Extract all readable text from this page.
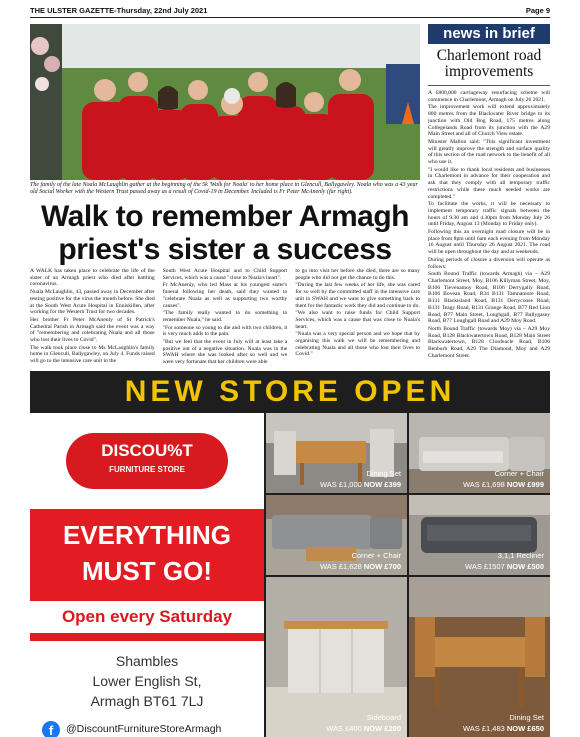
THE ULSTER GAZETTE-Thursday, 22nd July 2021	Page 9
The family of the late Noala McLaughlin gather at the beginning of the 5k 'Walk for Noala' to her home place in Glencull, Ballygawley. Noala who was a 43 year old Social Worker with the Western Trust passed away as a result of Covid-19 in December. Included is Fr Peter McAnenly (far right).
Walk to remember Armagh
priest's sister a success

A WALK has taken place to celebrate the life of the sister of an Armagh priest who died after battling coronavirus.

Nuala McLaughlin, 43, passed away in December after testing positive for the virus the month before. She died at the South West Acute Hospital in Enniskillen, after working for the Western Trust for two decades.

Her brother Fr Peter McAnenly of St Patrick's Cathedral Parish in Armagh said the event was a way of "remembering and celebrating Nuala and all those who lost their lives to Covid".

The walk took place close to Ms McLaughlin's family home in Glencull, Ballygawley, on July 4. Funds raised will go to the intensive care unit in the

South West Acute Hospital and to Child Support Services, which was a cause "close to Nuala's heart".

Fr McAnenly, who led Mass at his youngest sister's funeral following her death, said they wanted to "celebrate Nuala as well as supporting two worthy causes".

"The family really wanted to do something to remember Nuala," he said.

"For someone so young to die and with two children, it is very much adds to the pain.

"But we feel that the event in July will at least take a positive out of a negative situation. Nuala was in the SWAH where she was looked after so well and we were very fortunate that her children were able

to go into visit her before she died, there are so many people who did not get the chance to do this.

"During the last few weeks of her life, she was cared for so well by the committed staff in the intensive care unit in SWAH and we want to give something back to them for the fantastic work they did and continue to do.

"We also want to raise funds for Child Support Services, which was a cause that was close to Nuala's heart.

"Nuala was a very special person and we hope that by organising this walk we will be remembering and celebrating Nuala and all those who lost their lives to Covid."

news in brief
Charlemont road improvements

A £800,000 carriageway resurfacing scheme will commence in Charlemont, Armagh on July 26 2021.

The improvement work will extend approximately 800 metres from the Blackwater River bridge to its junction with Old Bog Road, 175 metres along Collegelands Road from its junction with the A29 Main Street and all of Church View estate.

Minister Mallon said: "This significant investment will greatly improve the strength and surface quality of this section of the road network to the benefit of all who use it.

"I would like to thank local residents and businesses in Charlemont in advance for their cooperation and ask that they comply with all temporary traffic restrictions while these much needed works are completed."

To facilitate the works, it will be necessary to implement temporary traffic signals between the hours of 9.30 am and 4.30pm from Monday July 26 until Friday, August 13 (Monday to Friday only).

Following this an overnight road closure will be in place from 8pm until 6am each evening from Monday 16 August until Thursday 26 August 2021. The road will be open throughout the day and at weekends.

During periods of closure a diversion will operate as follows:

South Bound Traffic (towards Armagh) via – A29 Charlemont Street, Moy, B106 Killyman Street, Moy, B106 Tievenamoy Road, B106 Derrygally Road, B106 Bovean Road, B34 B131 Tamnamore Road, B131 Blackisland Road, B131 Derrycoose Road, B131 Teagy Road, B131 Grange Road, B77 Red Lion Road, B77 Main Street, Loughgall, B77 Ballygasey Road, B77 Loughgall Road and A29 Moy Road.

North Bound Traffic (towards Moy) via – A29 Moy Road, B128 Blackwatertown Road, B128 Main Street Blackwatertown, B128 Clonfeacle Road, B106 Benburb Road, A29 The Diamond, Moy and A29 Charlemont Street.

NEW STORE OPEN
DISCOU%T
FURNITURE STORE
EVERYTHING
MUST GO!
Open every Saturday
Shambles
Lower English St,
Armagh BT61 7LJ
f	@DiscountFurnitureStoreArmagh
Dining Set
WAS £1,000 NOW £399
Corner + Chair
WAS £1,698 NOW £999
Corner + Chair
WAS £1,628 NOW £700
3,1,1 Recliner
WAS £1507 NOW £500
Sideboard
WAS £400 NOW £200
Dining Set
WAS £1,483 NOW £650
